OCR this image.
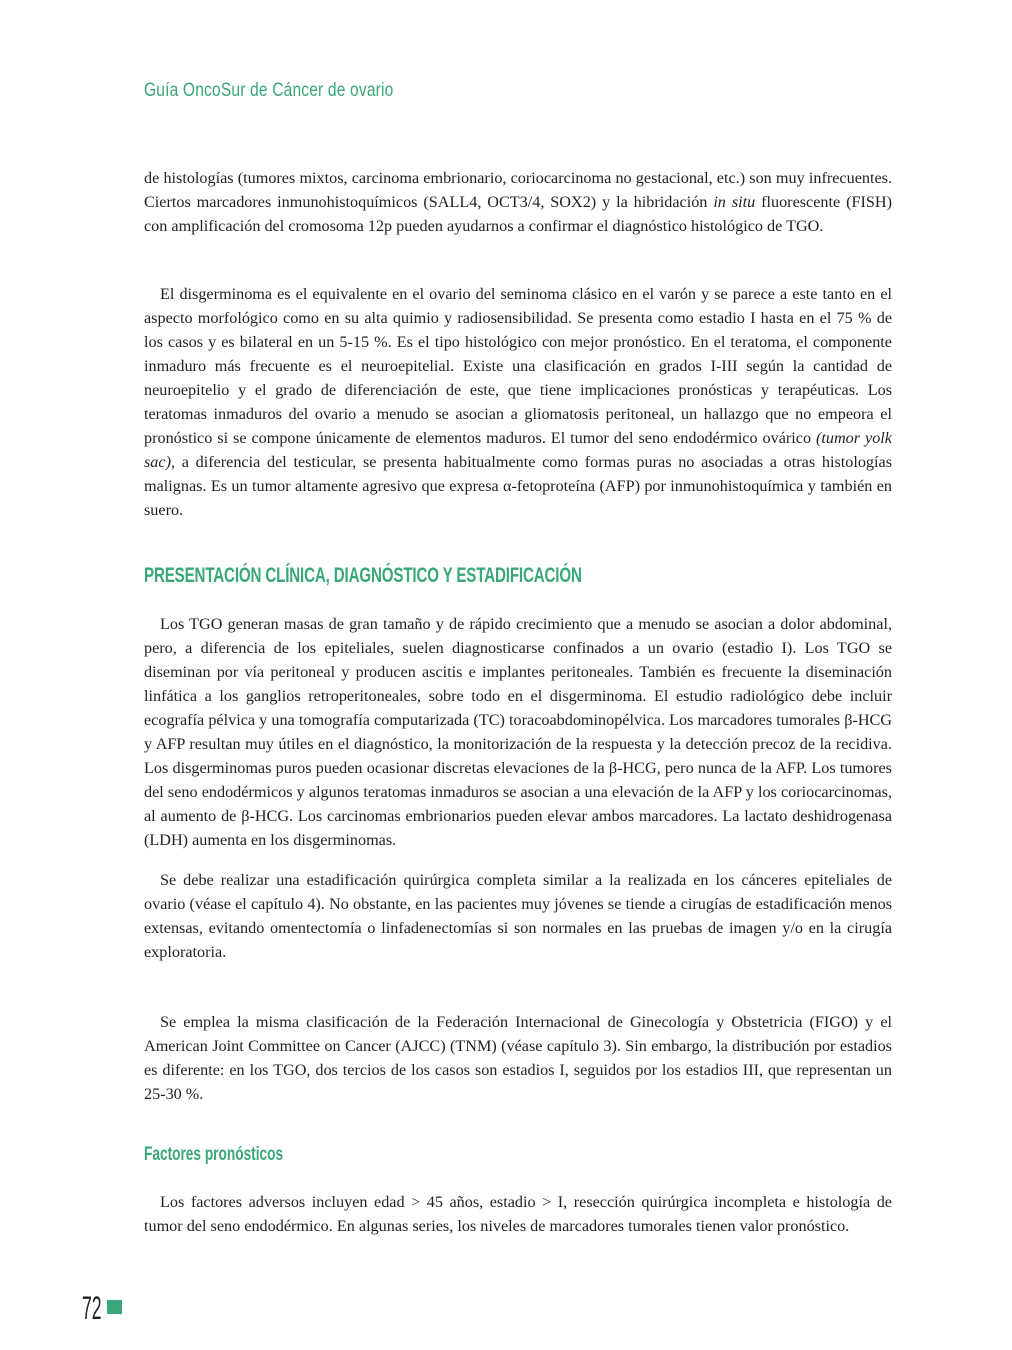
Guía OncoSur de Cáncer de ovario

de histologías (tumores mixtos, carcinoma embrionario, coriocarcinoma no gestacional, etc.) son muy infrecuentes. Ciertos marcadores inmunohistoquímicos (SALL4, OCT3/4, SOX2) y la hibridación in situ fluorescente (FISH) con amplificación del cromosoma 12p pueden ayudarnos a confirmar el diagnóstico histológico de TGO.

El disgerminoma es el equivalente en el ovario del seminoma clásico en el varón y se parece a este tanto en el aspecto morfológico como en su alta quimio y radiosensibilidad. Se presenta como estadio I hasta en el 75 % de los casos y es bilateral en un 5-15 %. Es el tipo histológico con mejor pronóstico. En el teratoma, el componente inmaduro más frecuente es el neuroepitelial. Existe una clasificación en grados I-III según la cantidad de neuroepitelio y el grado de diferenciación de este, que tiene implicaciones pronósticas y terapéuticas. Los teratomas inmaduros del ovario a menudo se asocian a gliomatosis peritoneal, un hallazgo que no empeora el pronóstico si se compone únicamente de elementos maduros. El tumor del seno endodérmico ovárico (tumor yolk sac), a diferencia del testicular, se presenta habitualmente como formas puras no asociadas a otras histologías malignas. Es un tumor altamente agresivo que expresa α-fetoproteína (AFP) por inmunohistoquímica y también en suero.

PRESENTACIÓN CLÍNICA, DIAGNÓSTICO Y ESTADIFICACIÓN

Los TGO generan masas de gran tamaño y de rápido crecimiento que a menudo se asocian a dolor abdominal, pero, a diferencia de los epiteliales, suelen diagnosticarse confinados a un ovario (estadio I). Los TGO se diseminan por vía peritoneal y producen ascitis e implantes peritoneales. También es frecuente la diseminación linfática a los ganglios retroperitoneales, sobre todo en el disgerminoma. El estudio radiológico debe incluir ecografía pélvica y una tomografía computarizada (TC) toracoabdominopélvica. Los marcadores tumorales β-HCG y AFP resultan muy útiles en el diagnóstico, la monitorización de la respuesta y la detección precoz de la recidiva. Los disgerminomas puros pueden ocasionar discretas elevaciones de la β-HCG, pero nunca de la AFP. Los tumores del seno endodérmicos y algunos teratomas inmaduros se asocian a una elevación de la AFP y los coriocarcinomas, al aumento de β-HCG. Los carcinomas embrionarios pueden elevar ambos marcadores. La lactato deshidrogenasa (LDH) aumenta en los disgerminomas.

Se debe realizar una estadificación quirúrgica completa similar a la realizada en los cánceres epiteliales de ovario (véase el capítulo 4). No obstante, en las pacientes muy jóvenes se tiende a cirugías de estadificación menos extensas, evitando omentectomía o linfadenectomías si son normales en las pruebas de imagen y/o en la cirugía exploratoria.

Se emplea la misma clasificación de la Federación Internacional de Ginecología y Obstetricia (FIGO) y el American Joint Committee on Cancer (AJCC) (TNM) (véase capítulo 3). Sin embargo, la distribución por estadios es diferente: en los TGO, dos tercios de los casos son estadios I, seguidos por los estadios III, que representan un 25-30 %.

Factores pronósticos

Los factores adversos incluyen edad > 45 años, estadio > I, resección quirúrgica incompleta e histología de tumor del seno endodérmico. En algunas series, los niveles de marcadores tumorales tienen valor pronóstico.

72
